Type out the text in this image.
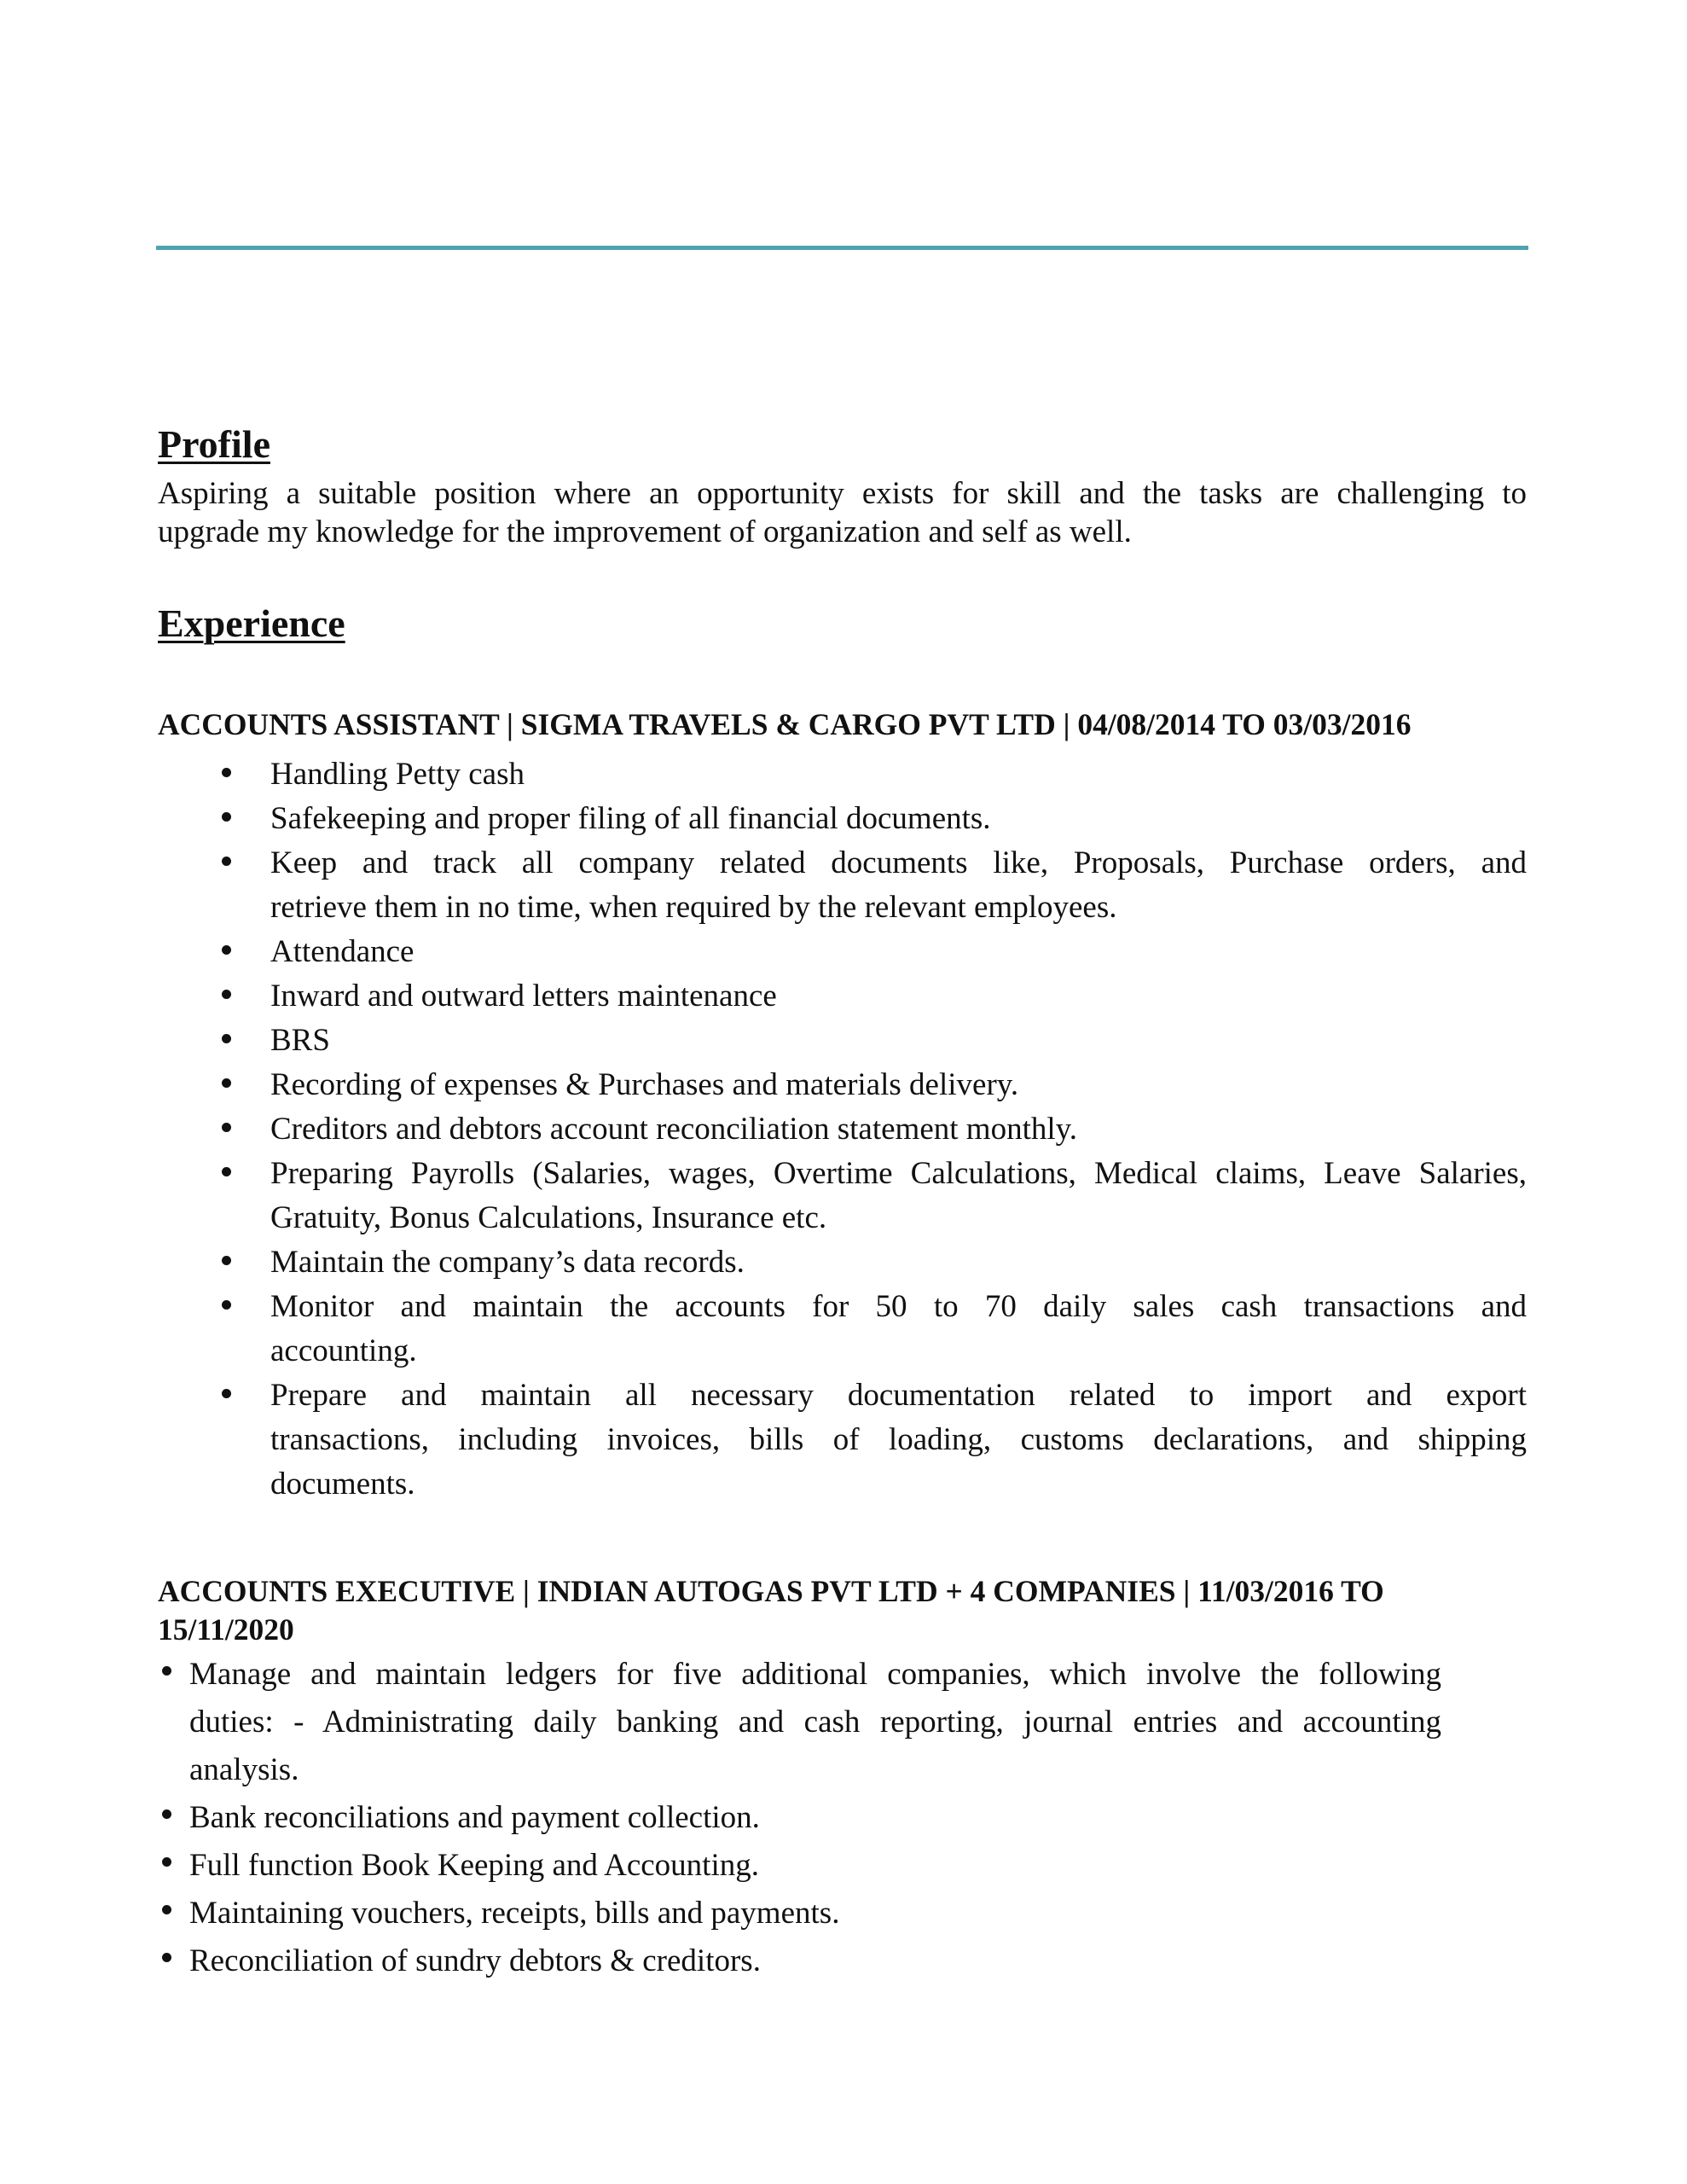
Profile
Aspiring a suitable position where an opportunity exists for skill and the tasks are challenging to
upgrade my knowledge for the improvement of organization and self as well.
Experience
ACCOUNTS ASSISTANT | SIGMA TRAVELS & CARGO PVT LTD | 04/08/2014 TO 03/03/2016
Handling Petty cash
Safekeeping and proper filing of all financial documents.
Keep and track all company related documents like, Proposals, Purchase orders, and
retrieve them in no time, when required by the relevant employees.
Attendance
Inward and outward letters maintenance
BRS
Recording of expenses & Purchases and materials delivery.
Creditors and debtors account reconciliation statement monthly.
Preparing Payrolls (Salaries, wages, Overtime Calculations, Medical claims, Leave Salaries,
Gratuity, Bonus Calculations, Insurance etc.
Maintain the company’s data records.
Monitor and maintain the accounts for 50 to 70 daily sales cash transactions and
accounting.
Prepare and maintain all necessary documentation related to import and export
transactions, including invoices, bills of loading, customs declarations, and shipping
documents.
ACCOUNTS EXECUTIVE | INDIAN AUTOGAS PVT LTD + 4 COMPANIES | 11/03/2016 TO
15/11/2020
Manage and maintain ledgers for five additional companies, which involve the following
duties: - Administrating daily banking and cash reporting, journal entries and accounting
analysis.
Bank reconciliations and payment collection.
Full function Book Keeping and Accounting.
Maintaining vouchers, receipts, bills and payments.
Reconciliation of sundry debtors & creditors.
